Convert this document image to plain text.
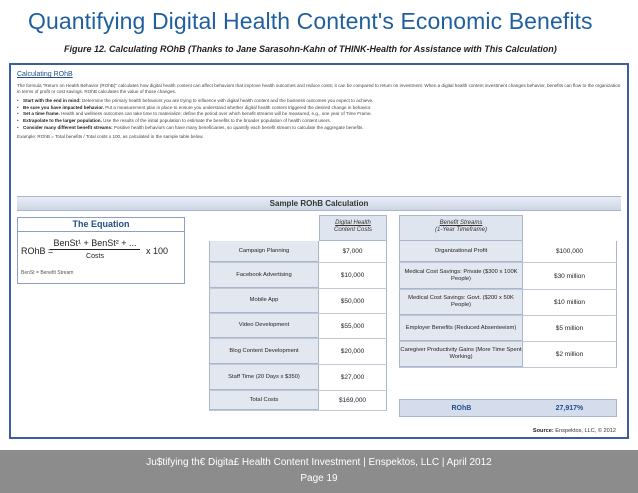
Quantifying Digital Health Content's Economic Benefits
Figure 12. Calculating ROhB (Thanks to Jane Sarasohn-Kahn of THINK-Health for Assistance with This Calculation)
Calculating ROhB

The formula "Return on Health Behavior (ROhB)" calculates how digital health content can affect behaviors that improve health outcomes and reduce costs; it can be compared to return on investment. When a digital health content investment changes behavior, benefits can flow to the organization in terms of profit or cost savings. ROhB calculates the value of those changes.

• Start with the end in mind: Determine the primary health behaviors you are trying to influence with digital health content and the business outcomes you expect to achieve.
• Be sure you have impacted behavior. Put a measurement plan in place to ensure you understand whether digital health content triggered the desired change in behavior.
• Set a time frame. Health and wellness outcomes can take time to materialize; define the period over which benefit streams will be measured, e.g., one year of Time Frame.
• Extrapolate to the larger population. Use the results of the initial population to estimate the benefits to the broader population of health content users.
• Consider many different benefit streams: Positive health behaviors can have many beneficiaries, so quantify each benefit stream to calculate the aggregate benefits.

Example: ROhB = Total benefits / Total costs x 100, as calculated in the sample table below.

Sample ROhB Calculation
The Equation
ROhB =
BenSt¹ + BenSt² + ...
Costs
x 100
BenSt = Benefit Stream
Digital Health
Content Costs
Campaign Planning	$7,000
Facebook Advertising	$10,000
Mobile App	$50,000
Video Development	$55,000
Blog Content Development	$20,000
Staff Time (20 Days x $350)	$27,000
Total Costs	$169,000
Benefit Streams
(1-Year Timeframe)
Organizational Profit	$100,000
Medical Cost Savings: Private ($300 x 100K People)	$30 million
Medical Cost Savings: Govt. ($200 x 50K People)	$10 million
Employer Benefits (Reduced Absenteeism)	$5 million
Caregiver Productivity Gains (More Time Spent Working)	$2 million
ROhB	27,917%
Source: Enspektos, LLC, © 2012
Ju$tifying th€ Digita£ Health Content Investment | Enspektos, LLC | April 2012
Page 19
